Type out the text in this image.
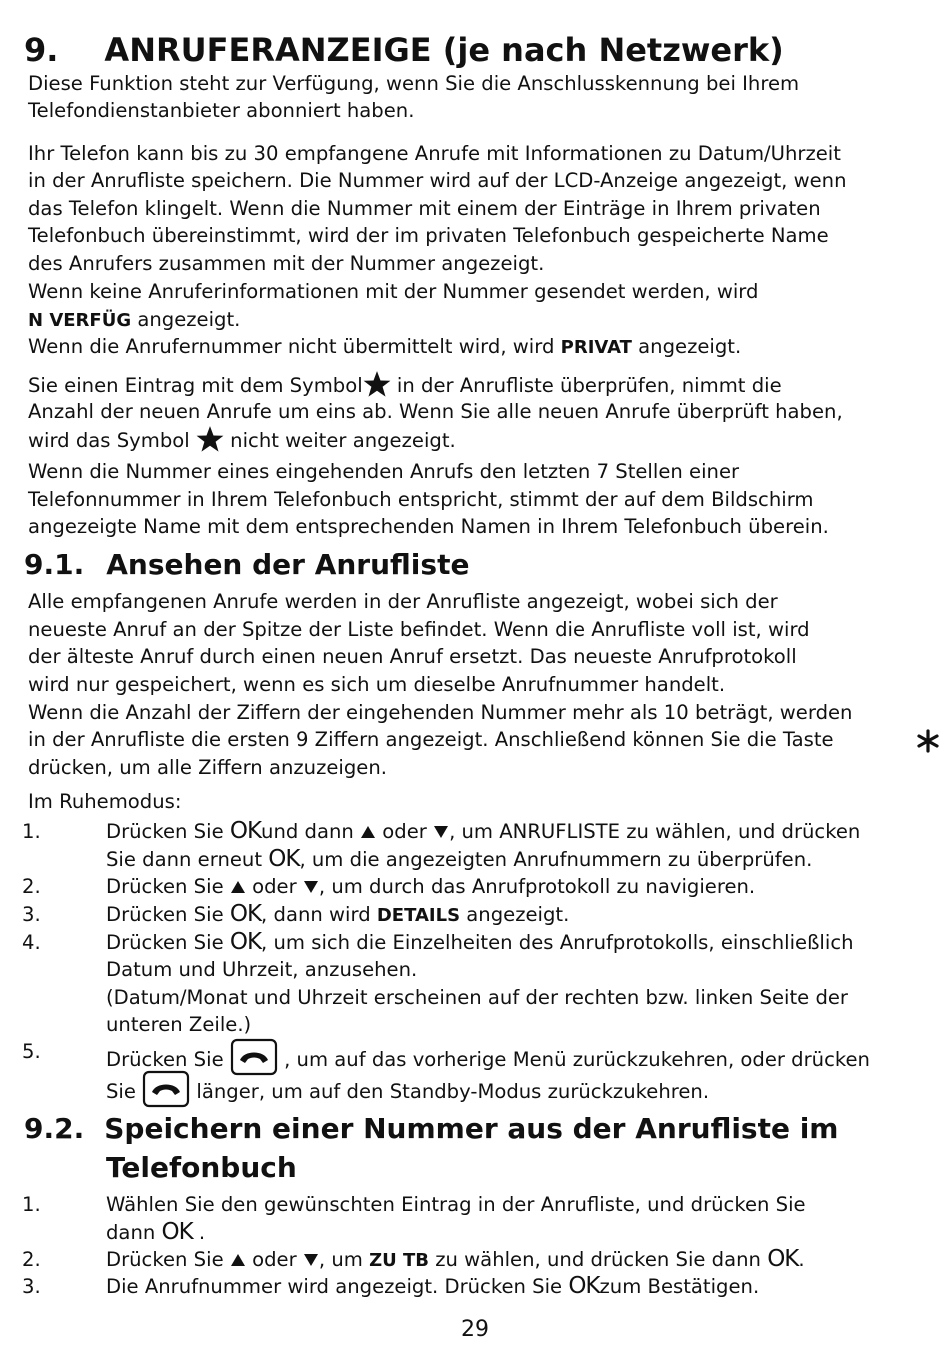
9. ANRUFERANZEIGE (je nach Netzwerk)
Diese Funktion steht zur Verfügung, wenn Sie die Anschlusskennung bei Ihrem
Telefondienstanbieter abonniert haben.
Ihr Telefon kann bis zu 30 empfangene Anrufe mit Informationen zu Datum/Uhrzeit
in der Anrufliste speichern. Die Nummer wird auf der LCD-Anzeige angezeigt, wenn
das Telefon klingelt. Wenn die Nummer mit einem der Einträge in Ihrem privaten
Telefonbuch übereinstimmt, wird der im privaten Telefonbuch gespeicherte Name
des Anrufers zusammen mit der Nummer angezeigt.
Wenn keine Anruferinformationen mit der Nummer gesendet werden, wird
N VERFÜG angezeigt.
Wenn die Anrufernummer nicht übermittelt wird, wird PRIVAT angezeigt.
Sie einen Eintrag mit dem Symbol in der Anrufliste überprüfen, nimmt die
Anzahl der neuen Anrufe um eins ab. Wenn Sie alle neuen Anrufe überprüft haben,
wird das Symbol  nicht weiter angezeigt.
Wenn die Nummer eines eingehenden Anrufs den letzten 7 Stellen einer
Telefonnummer in Ihrem Telefonbuch entspricht, stimmt der auf dem Bildschirm
angezeigte Name mit dem entsprechenden Namen in Ihrem Telefonbuch überein.
9.1. Ansehen der Anrufliste
Alle empfangenen Anrufe werden in der Anrufliste angezeigt, wobei sich der
neueste Anruf an der Spitze der Liste befindet. Wenn die Anrufliste voll ist, wird
der älteste Anruf durch einen neuen Anruf ersetzt. Das neueste Anrufprotokoll
wird nur gespeichert, wenn es sich um dieselbe Anrufnummer handelt.
Wenn die Anzahl der Ziffern der eingehenden Nummer mehr als 10 beträgt, werden
in der Anrufliste die ersten 9 Ziffern angezeigt. Anschließend können Sie die Taste
drücken, um alle Ziffern anzuzeigen.
Im Ruhemodus:
1.	Drücken Sie OKund dann  oder , um ANRUFLISTE zu wählen, und drücken
Sie dann erneut OK, um die angezeigten Anrufnummern zu überprüfen.
2.	Drücken Sie  oder , um durch das Anrufprotokoll zu navigieren.
3.	Drücken Sie OK, dann wird DETAILS angezeigt.
4.	Drücken Sie OK, um sich die Einzelheiten des Anrufprotokolls, einschließlich
Datum und Uhrzeit, anzusehen.
(Datum/Monat und Uhrzeit erscheinen auf der rechten bzw. linken Seite der
unteren Zeile.)
5.	Drücken Sie  , um auf das vorherige Menü zurückzukehren, oder drücken
Sie  länger, um auf den Standby-Modus zurückzukehren.
9.2. Speichern einer Nummer aus der Anrufliste im
Telefonbuch
1.	Wählen Sie den gewünschten Eintrag in der Anrufliste, und drücken Sie
dann OK .
2.	Drücken Sie  oder , um ZU TB zu wählen, und drücken Sie dann OK.
3.	Die Anrufnummer wird angezeigt. Drücken Sie OKzum Bestätigen.
29
